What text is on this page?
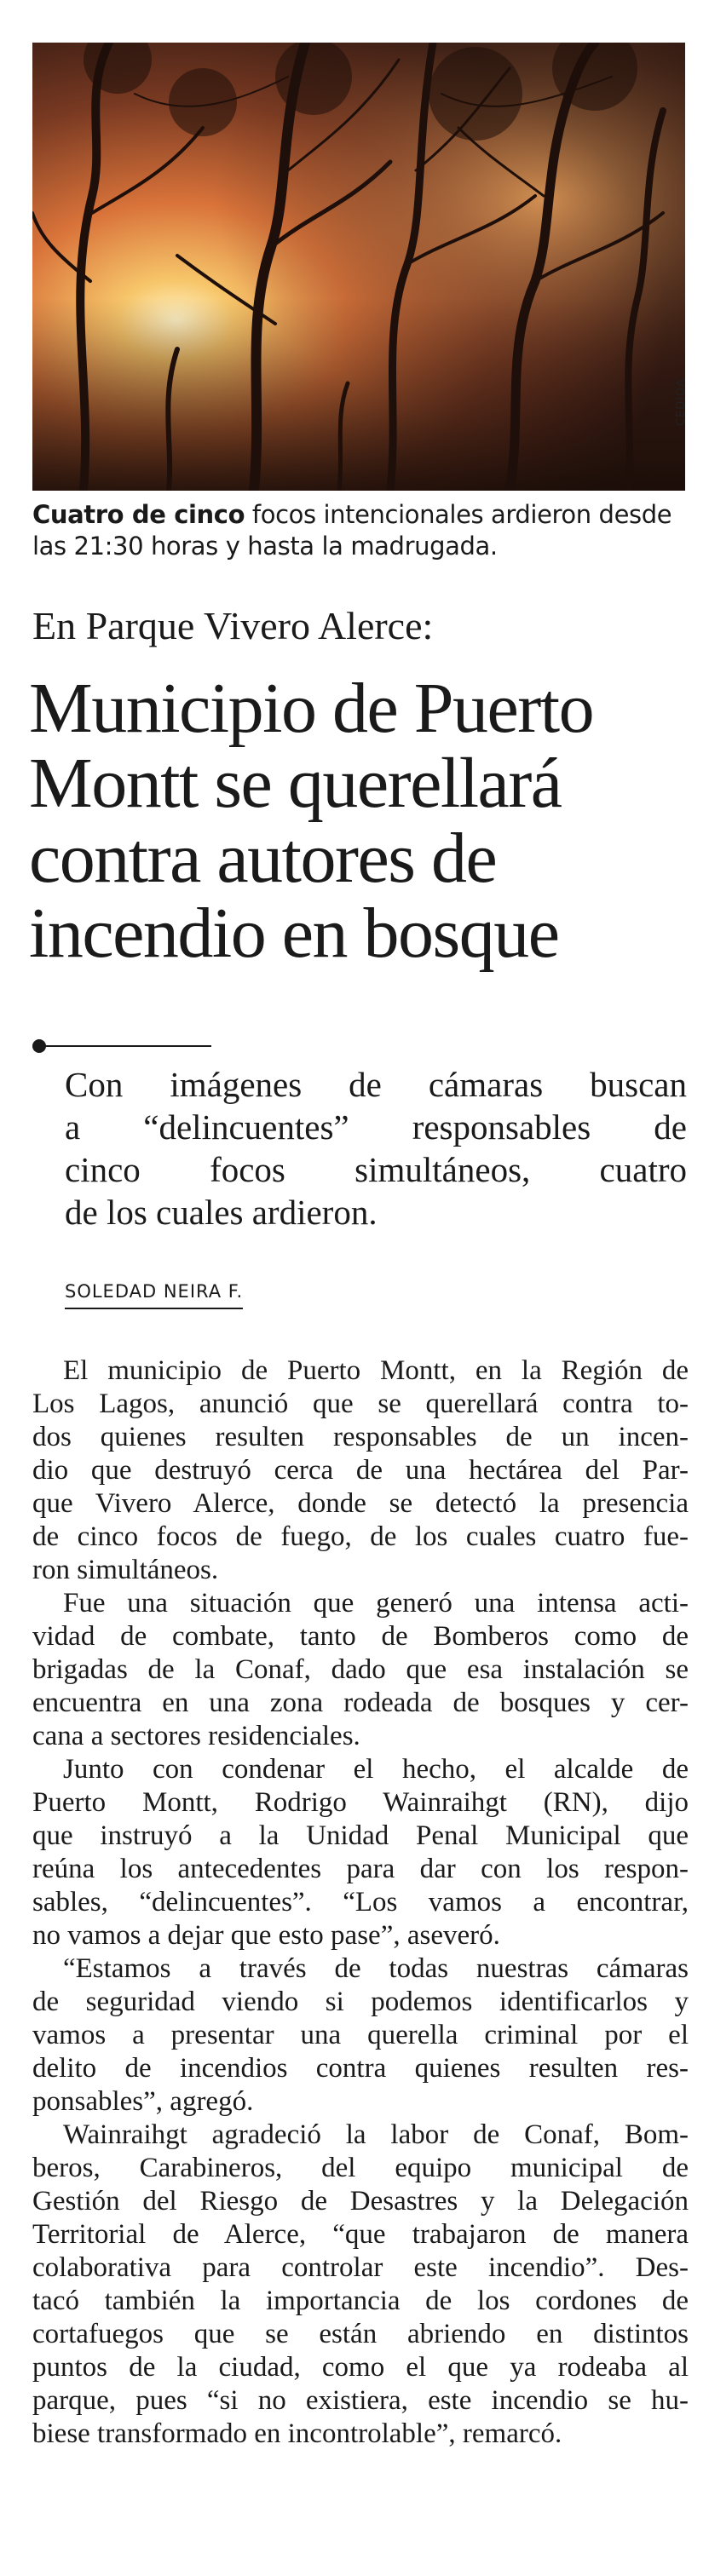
CEDIDA
Cuatro de cinco focos intencionales ardieron desde
las 21:30 horas y hasta la madrugada.
En Parque Vivero Alerce:
Municipio de Puerto
Montt se querellará
contra autores de
incendio en bosque
Con imágenes de cámaras buscan
a “delincuentes” responsables de
cinco focos simultáneos, cuatro
de los cuales ardieron.
SOLEDAD NEIRA F.
El municipio de Puerto Montt, en la Región de
Los Lagos, anunció que se querellará contra to-
dos quienes resulten responsables de un incen-
dio que destruyó cerca de una hectárea del Par-
que Vivero Alerce, donde se detectó la presencia
de cinco focos de fuego, de los cuales cuatro fue-
ron simultáneos.
Fue una situación que generó una intensa acti-
vidad de combate, tanto de Bomberos como de
brigadas de la Conaf, dado que esa instalación se
encuentra en una zona rodeada de bosques y cer-
cana a sectores residenciales.
Junto con condenar el hecho, el alcalde de
Puerto Montt, Rodrigo Wainraihgt (RN), dijo
que instruyó a la Unidad Penal Municipal que
reúna los antecedentes para dar con los respon-
sables, “delincuentes”. “Los vamos a encontrar,
no vamos a dejar que esto pase”, aseveró.
“Estamos a través de todas nuestras cámaras
de seguridad viendo si podemos identificarlos y
vamos a presentar una querella criminal por el
delito de incendios contra quienes resulten res-
ponsables”, agregó.
Wainraihgt agradeció la labor de Conaf, Bom-
beros, Carabineros, del equipo municipal de
Gestión del Riesgo de Desastres y la Delegación
Territorial de Alerce, “que trabajaron de manera
colaborativa para controlar este incendio”. Des-
tacó también la importancia de los cordones de
cortafuegos que se están abriendo en distintos
puntos de la ciudad, como el que ya rodeaba al
parque, pues “si no existiera, este incendio se hu-
biese transformado en incontrolable”, remarcó.
